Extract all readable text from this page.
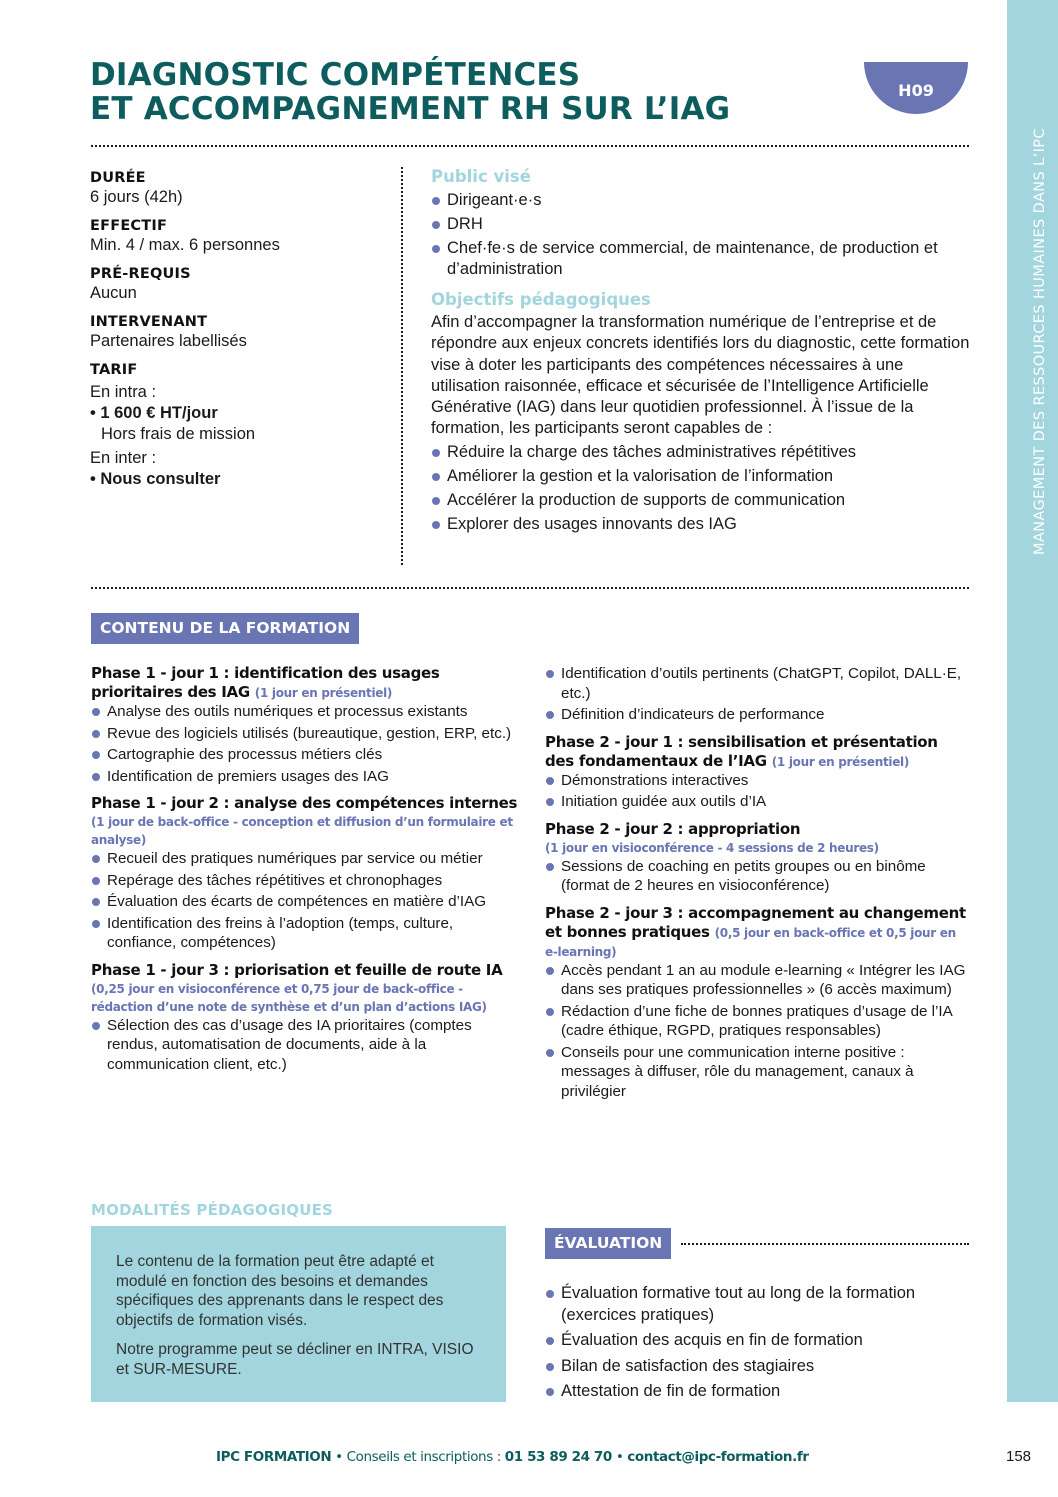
DIAGNOSTIC COMPÉTENCES
ET ACCOMPAGNEMENT RH SUR L’IAG
H09
MANAGEMENT DES RESSOURCES HUMAINES DANS L’IPC
DURÉE
6 jours (42h)
EFFECTIF
Min. 4 / max. 6 personnes
PRÉ-REQUIS
Aucun
INTERVENANT
Partenaires labellisés
TARIF
En intra :
• 1 600 € HT/jour
Hors frais de mission
En inter :
• Nous consulter
Public visé
Dirigeant·e·s
DRH
Chef·fe·s de service commercial, de maintenance, de production et d’administration
Objectifs pédagogiques
Afin d’accompagner la transformation numérique de l’entreprise et de répondre aux enjeux concrets identifiés lors du diagnostic, cette formation vise à doter les participants des compétences nécessaires à une utilisation raisonnée, efficace et sécurisée de l’Intelligence Artificielle Générative (IAG) dans leur quotidien professionnel. À l’issue de la formation, les participants seront capables de :
Réduire la charge des tâches administratives répétitives
Améliorer la gestion et la valorisation de l’information
Accélérer la production de supports de communication
Explorer des usages innovants des IAG
CONTENU DE LA FORMATION
Phase 1 - jour 1 : identification des usages prioritaires des IAG (1 jour en présentiel)
Analyse des outils numériques et processus existants
Revue des logiciels utilisés (bureautique, gestion, ERP, etc.)
Cartographie des processus métiers clés
Identification de premiers usages des IAG
Phase 1 - jour 2 : analyse des compétences internes
(1 jour de back-office - conception et diffusion d’un formulaire et analyse)
Recueil des pratiques numériques par service ou métier
Repérage des tâches répétitives et chronophages
Évaluation des écarts de compétences en matière d’IAG
Identification des freins à l’adoption (temps, culture, confiance, compétences)
Phase 1 - jour 3 : priorisation et feuille de route IA
(0,25 jour en visioconférence et 0,75 jour de back-office - rédaction d’une note de synthèse et d’un plan d’actions IAG)
Sélection des cas d’usage des IA prioritaires (comptes rendus, automatisation de documents, aide à la communication client, etc.)
Identification d’outils pertinents (ChatGPT, Copilot, DALL·E, etc.)
Définition d’indicateurs de performance
Phase 2 - jour 1 : sensibilisation et présentation des fondamentaux de l’IAG (1 jour en présentiel)
Démonstrations interactives
Initiation guidée aux outils d’IA
Phase 2 - jour 2 : appropriation
(1 jour en visioconférence - 4 sessions de 2 heures)
Sessions de coaching en petits groupes ou en binôme (format de 2 heures en visioconférence)
Phase 2 - jour 3 : accompagnement au changement et bonnes pratiques (0,5 jour en back-office et 0,5 jour en e-learning)
Accès pendant 1 an au module e-learning « Intégrer les IAG dans ses pratiques professionnelles » (6 accès maximum)
Rédaction d’une fiche de bonnes pratiques d’usage de l’IA (cadre éthique, RGPD, pratiques responsables)
Conseils pour une communication interne positive : messages à diffuser, rôle du management, canaux à privilégier
MODALITÉS PÉDAGOGIQUES

Le contenu de la formation peut être adapté et modulé en fonction des besoins et demandes spécifiques des apprenants dans le respect des objectifs de formation visés.

Notre programme peut se décliner en INTRA, VISIO et SUR-MESURE.

ÉVALUATION
Évaluation formative tout au long de la formation (exercices pratiques)
Évaluation des acquis en fin de formation
Bilan de satisfaction des stagiaires
Attestation de fin de formation
IPC FORMATION • Conseils et inscriptions : 01 53 89 24 70 • contact@ipc-formation.fr	158
